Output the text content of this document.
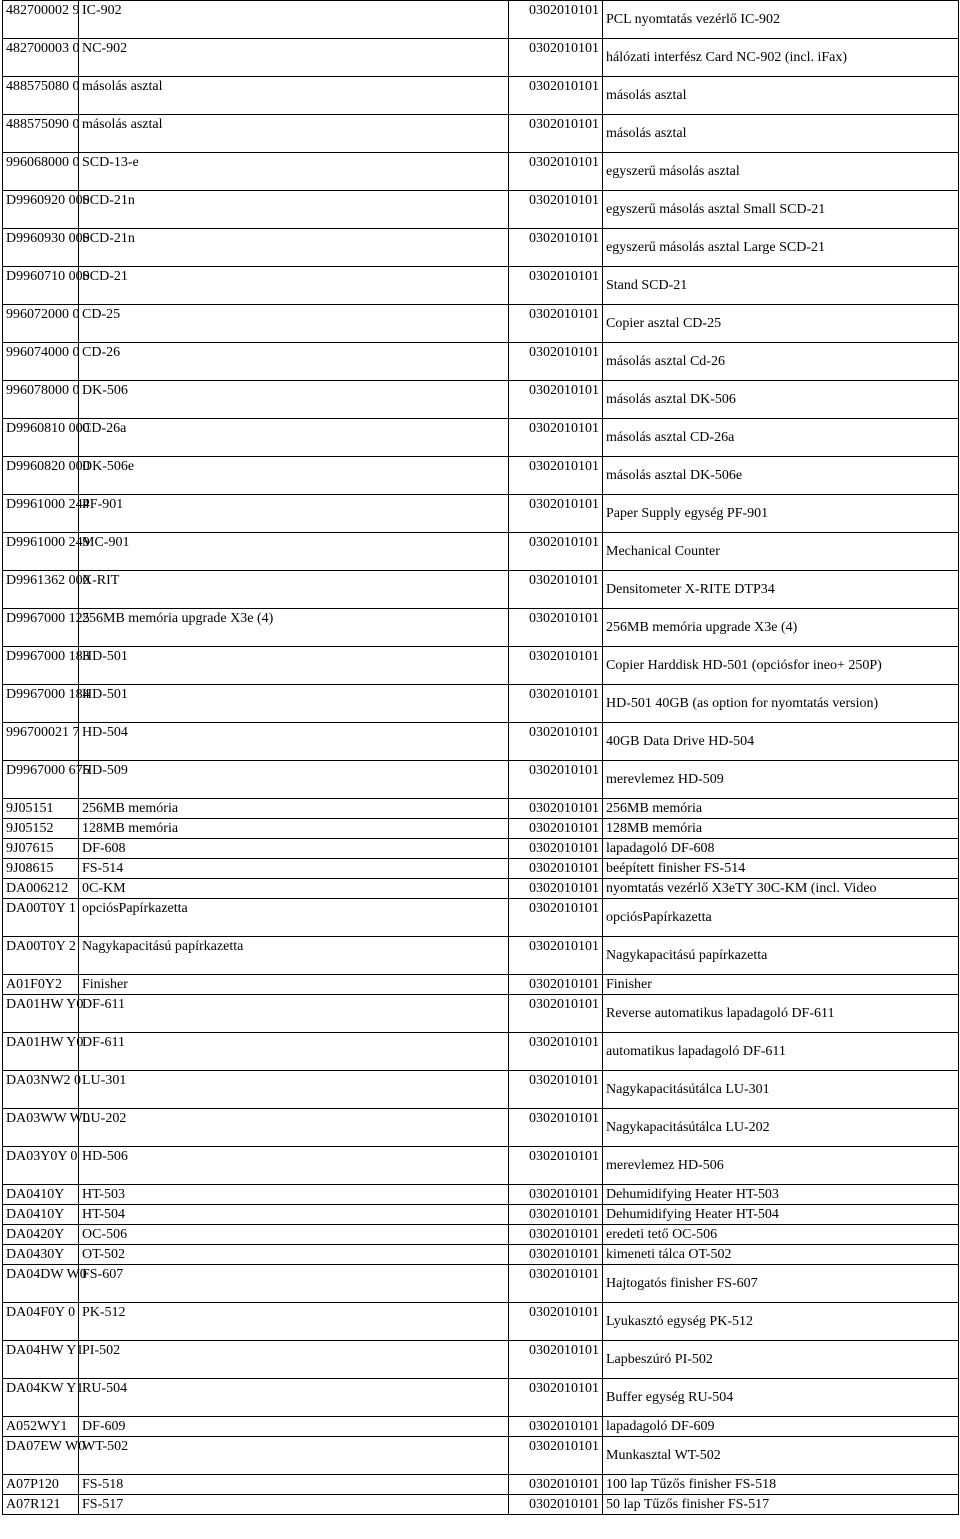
482700002 9	IC-902	0302010101	PCL nyomtatás vezérlő IC-902
482700003 0	NC-902	0302010101	hálózati interfész Card NC-902 (incl. iFax)
488575080 0	másolás asztal	0302010101	másolás asztal
488575090 0	másolás asztal	0302010101	másolás asztal
996068000 0	SCD-13-e	0302010101	egyszerű másolás asztal
D9960920 000	SCD-21n	0302010101	egyszerű másolás asztal Small SCD-21
D9960930 000	SCD-21n	0302010101	egyszerű másolás asztal Large SCD-21
D9960710 000	SCD-21	0302010101	Stand SCD-21
996072000 0	CD-25	0302010101	Copier asztal CD-25
996074000 0	CD-26	0302010101	másolás asztal Cd-26
996078000 0	DK-506	0302010101	másolás asztal DK-506
D9960810 000	CD-26a	0302010101	másolás asztal CD-26a
D9960820 000	DK-506e	0302010101	másolás asztal DK-506e
D9961000 244	PF-901	0302010101	Paper Supply egység PF-901
D9961000 249	MC-901	0302010101	Mechanical Counter
D9961362 000	X-RIT	0302010101	Densitometer X-RITE DTP34
D9967000 125	256MB memória upgrade X3e (4)	0302010101	256MB memória upgrade X3e (4)
D9967000 183	HD-501	0302010101	Copier Harddisk HD-501 (opciósfor ineo+ 250P)
D9967000 184	HD-501	0302010101	HD-501 40GB (as option for nyomtatás version)
996700021 7	HD-504	0302010101	40GB Data Drive HD-504
D9967000 675	HD-509	0302010101	merevlemez HD-509
9J05151	256MB memória	0302010101	256MB memória
9J05152	128MB memória	0302010101	128MB memória
9J07615	DF-608	0302010101	lapadagoló DF-608
9J08615	FS-514	0302010101	beépített finisher FS-514
DA006212	0C-KM	0302010101	nyomtatás vezérlő X3eTY 30C-KM (incl. Video
DA00T0Y 1	opciósPapírkazetta	0302010101	opciósPapírkazetta
DA00T0Y 2	Nagykapacitású papírkazetta	0302010101	Nagykapacitású papírkazetta
A01F0Y2	Finisher	0302010101	Finisher
DA01HW Y0	DF-611	0302010101	Reverse automatikus lapadagoló DF-611
DA01HW Y0	DF-611	0302010101	automatikus lapadagoló DF-611
DA03NW2 0	LU-301	0302010101	Nagykapacitásútálca LU-301
DA03WW W0	LU-202	0302010101	Nagykapacitásútálca LU-202
DA03Y0Y 0	HD-506	0302010101	merevlemez HD-506
DA0410Y	HT-503	0302010101	Dehumidifying Heater HT-503
DA0410Y	HT-504	0302010101	Dehumidifying Heater HT-504
DA0420Y	OC-506	0302010101	eredeti tető OC-506
DA0430Y	OT-502	0302010101	kimeneti tálca OT-502
DA04DW W0	FS-607	0302010101	Hajtogatós finisher FS-607
DA04F0Y 0	PK-512	0302010101	Lyukasztó egység PK-512
DA04HW Y1	PI-502	0302010101	Lapbeszúró PI-502
DA04KW Y1	RU-504	0302010101	Buffer egység RU-504
A052WY1	DF-609	0302010101	lapadagoló DF-609
DA07EW W0	WT-502	0302010101	Munkasztal WT-502
A07P120	FS-518	0302010101	100 lap Tűzős finisher FS-518
A07R121	FS-517	0302010101	50 lap Tűzős finisher FS-517
